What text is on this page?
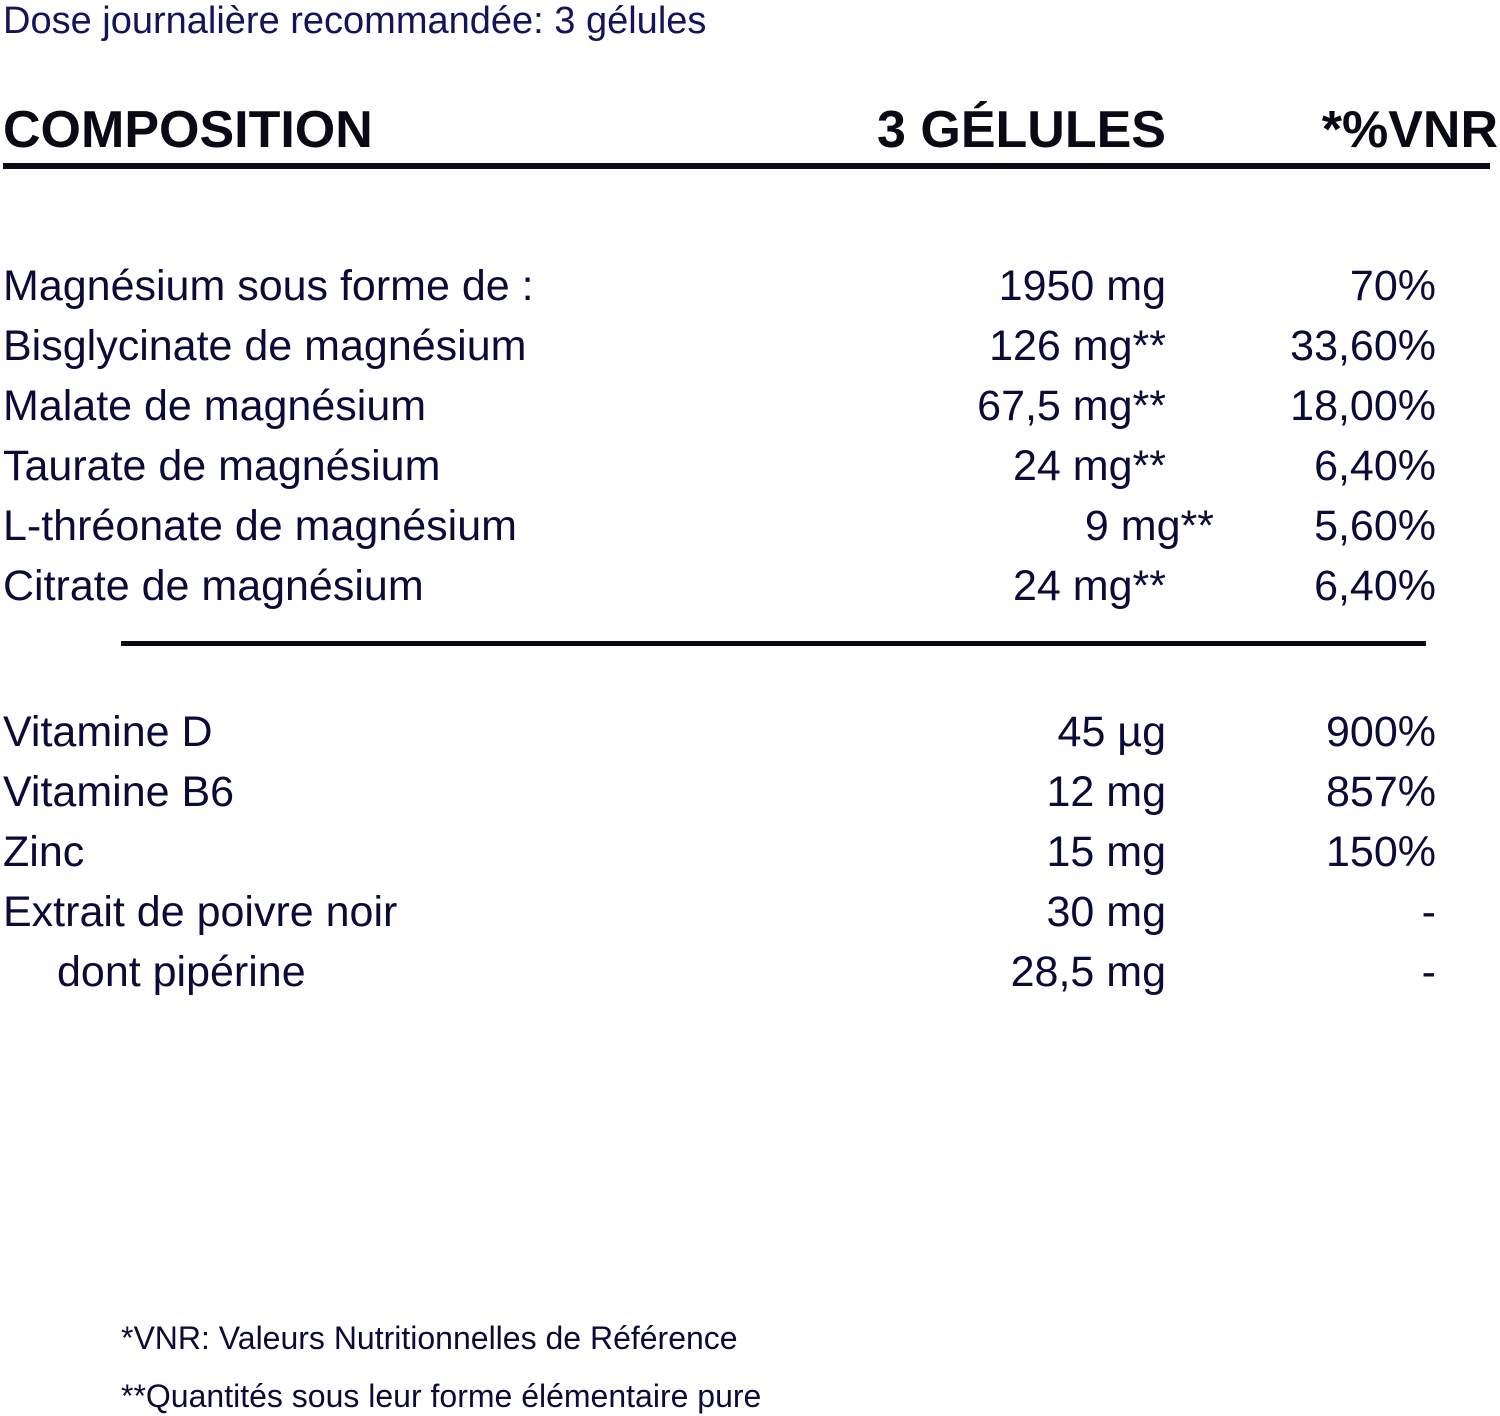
Dose journalière recommandée: 3 gélules
COMPOSITION	3 GÉLULES	*%VNR
Magnésium sous forme de :	1950 mg	70%
Bisglycinate de magnésium	126 mg**	33,60%
Malate de magnésium	67,5 mg**	18,00%
Taurate de magnésium	24 mg**	6,40%
L-thréonate de magnésium	9 mg** 5,60%
Citrate de magnésium	24 mg**	6,40%
Vitamine D	45 µg	900%
Vitamine B6	12 mg	857%
Zinc	15 mg	150%
Extrait de poivre noir	30 mg	-
dont pipérine	28,5 mg	-
*VNR: Valeurs Nutritionnelles de Référence
**Quantités sous leur forme élémentaire pure
